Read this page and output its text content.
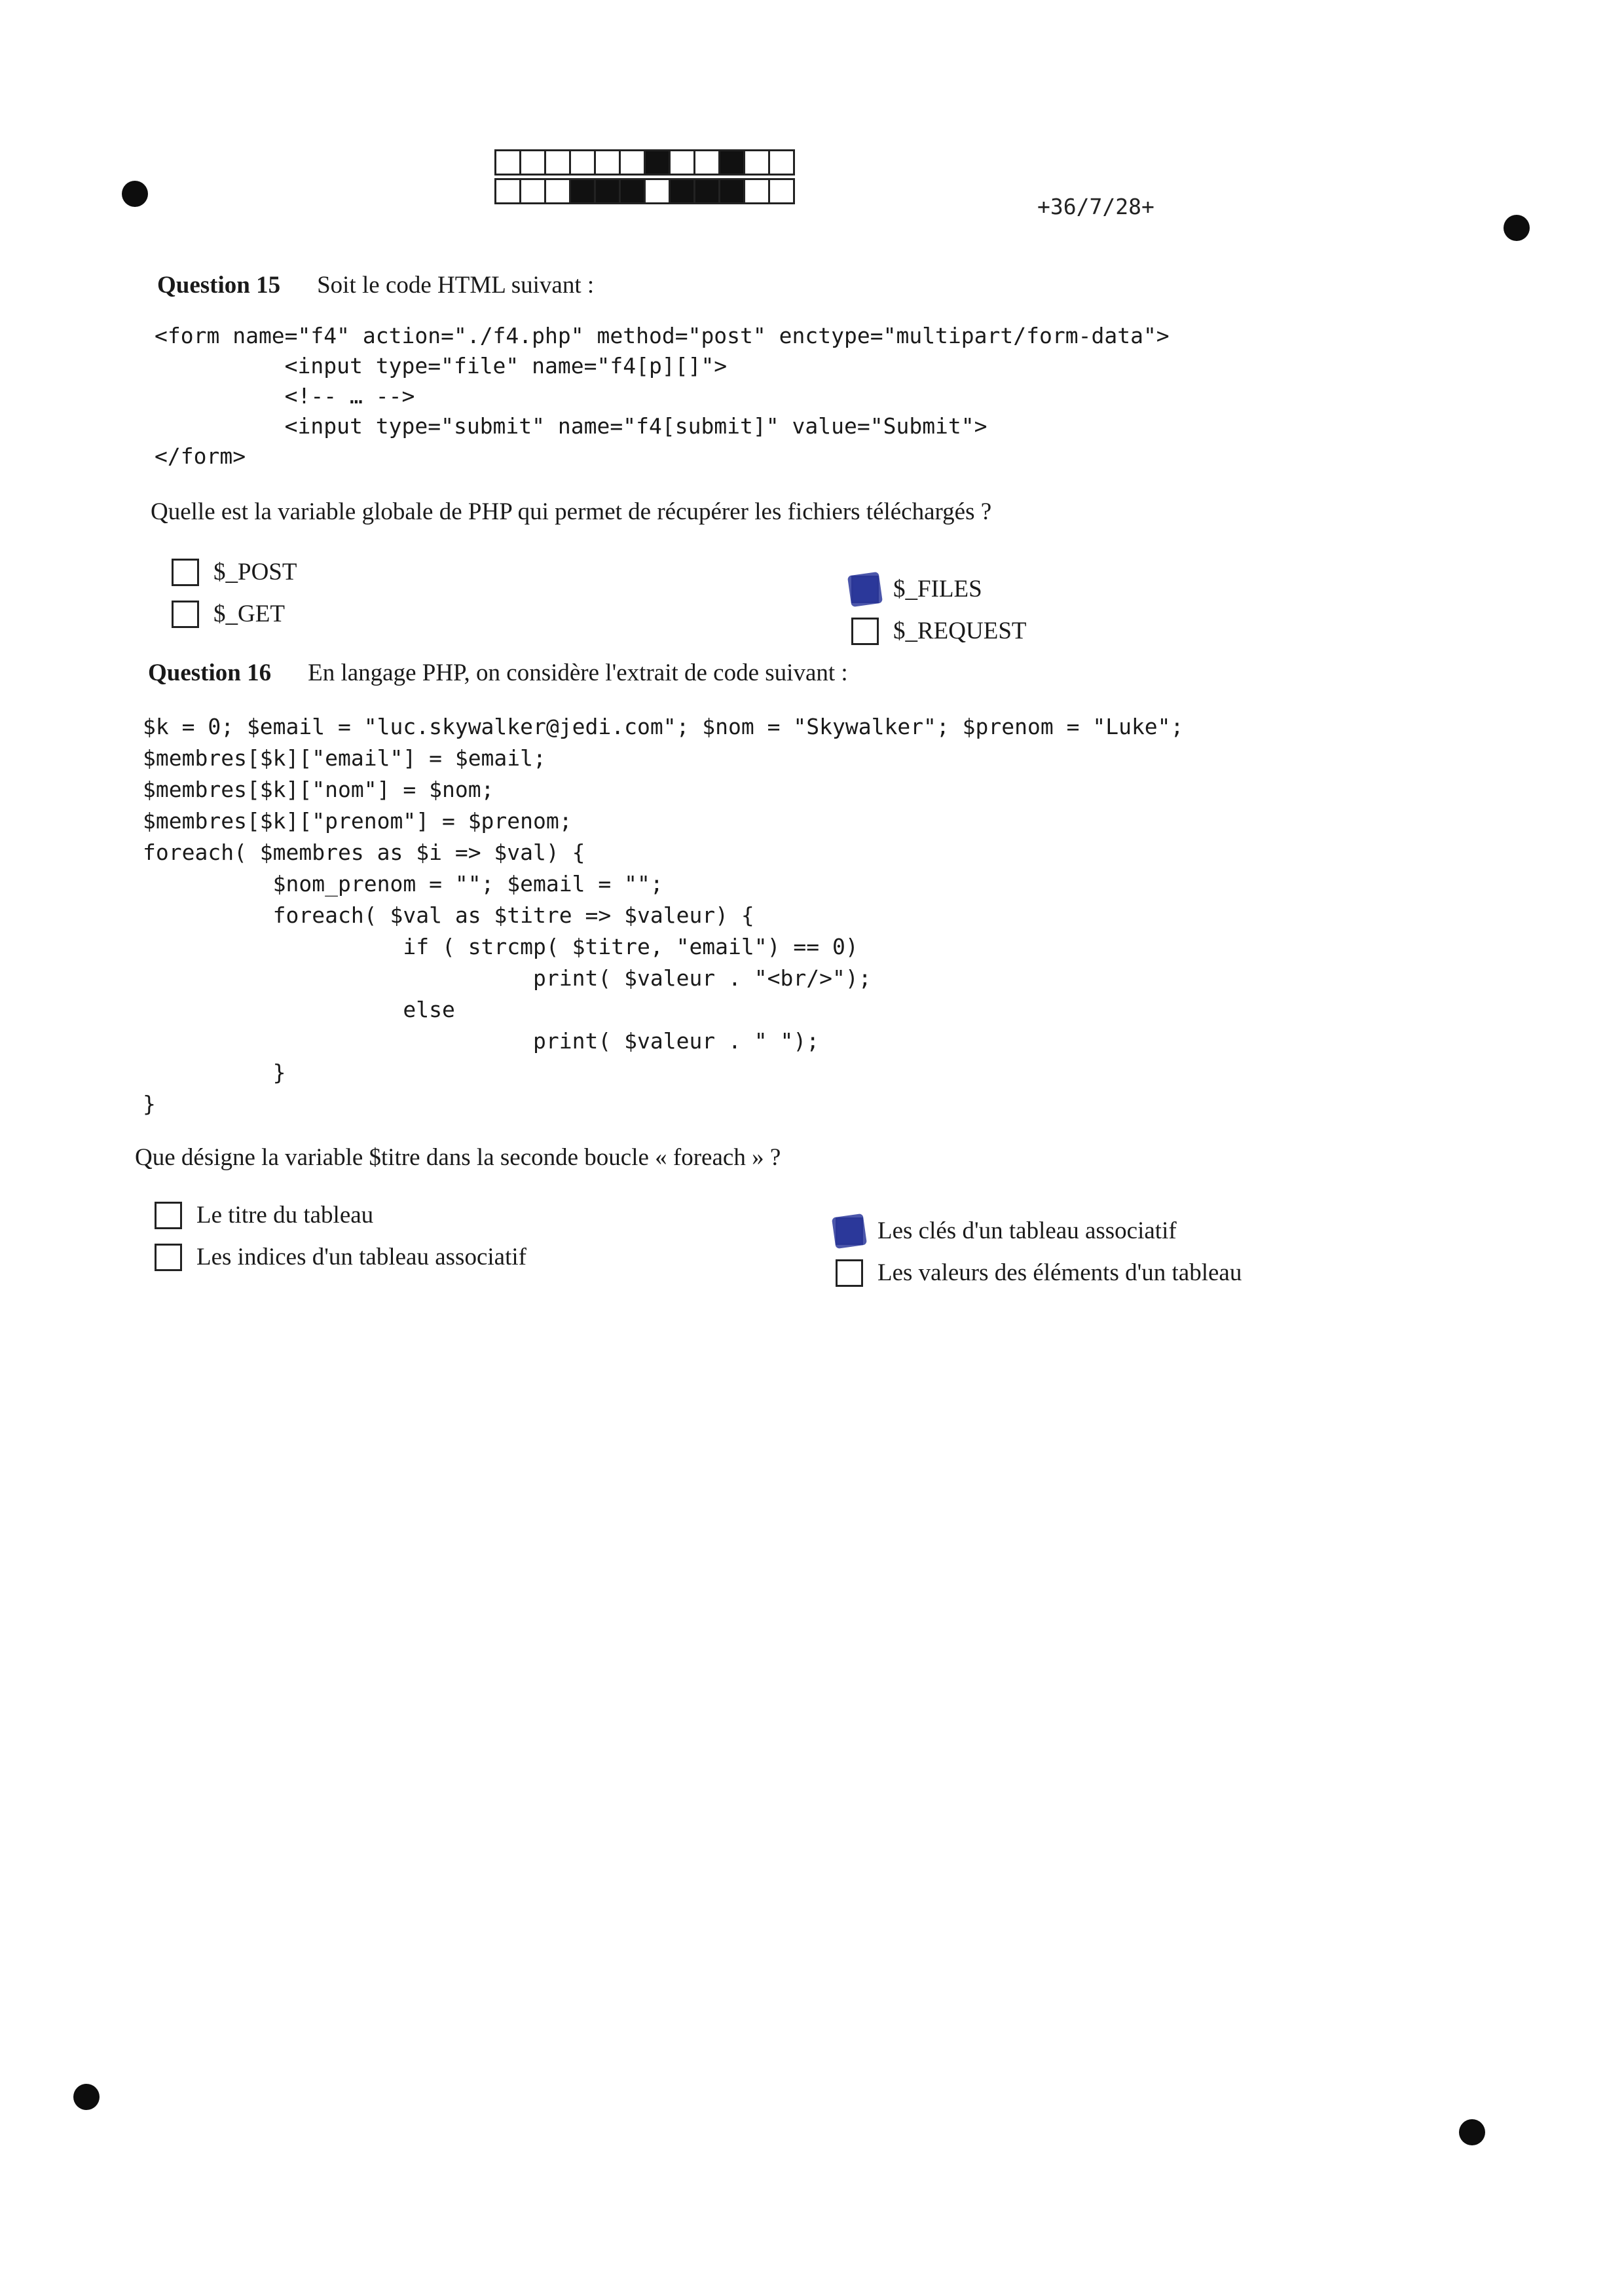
+36/7/28+
Question 15 Soit le code HTML suivant :
<form name="f4" action="./f4.php" method="post" enctype="multipart/form-data">
<input type="file" name="f4[p][]">
<!-- … -->
<input type="submit" name="f4[submit]" value="Submit">
</form>
Quelle est la variable globale de PHP qui permet de récupérer les fichiers téléchargés ?
$_POST
$_GET
$_FILES
$_REQUEST
Question 16 En langage PHP, on considère l'extrait de code suivant :
$k = 0; $email = "luc.skywalker@jedi.com"; $nom = "Skywalker"; $prenom = "Luke";
$membres[$k]["email"] = $email;
$membres[$k]["nom"] = $nom;
$membres[$k]["prenom"] = $prenom;
foreach( $membres as $i => $val) {
$nom_prenom = ""; $email = "";
foreach( $val as $titre => $valeur) {
if ( strcmp( $titre, "email") == 0)
print( $valeur . "<br/>");
else
print( $valeur . " ");
}
}
Que désigne la variable $titre dans la seconde boucle « foreach » ?
Le titre du tableau
Les indices d'un tableau associatif
Les clés d'un tableau associatif
Les valeurs des éléments d'un tableau
